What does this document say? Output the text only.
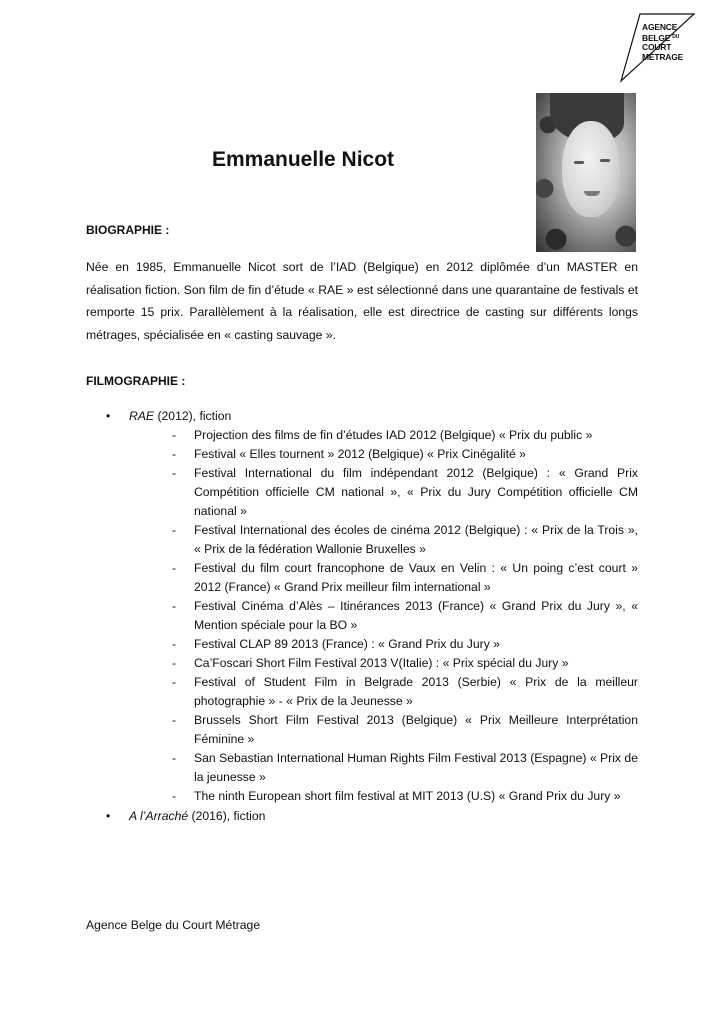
AGENCE
BELGE $^{DU}$
COURT
MÉTRAGE
Emmanuelle Nicot

BIOGRAPHIE :

Née en 1985, Emmanuelle Nicot sort de l’IAD (Belgique) en 2012 diplômée d’un MASTER en réalisation fiction. Son film de fin d’étude « RAE » est sélectionné dans une quarantaine de festivals et remporte 15 prix. Parallèlement à la réalisation, elle est directrice de casting sur différents longs métrages, spécialisée en « casting sauvage ».

FILMOGRAPHIE :

• RAE (2012), fiction
- Projection des films de fin d’études IAD 2012 (Belgique) « Prix du public »
- Festival « Elles tournent » 2012 (Belgique) « Prix Cinégalité »
- Festival International du film indépendant 2012 (Belgique) : « Grand Prix Compétition officielle CM national », « Prix du Jury Compétition officielle CM national »
- Festival International des écoles de cinéma 2012 (Belgique) : « Prix de la Trois », « Prix de la fédération Wallonie Bruxelles »
- Festival du film court francophone de Vaux en Velin : « Un poing c’est court » 2012 (France) « Grand Prix meilleur film international »
- Festival Cinéma d’Alès – Itinérances 2013 (France) « Grand Prix du Jury », « Mention spéciale pour la BO »
- Festival CLAP 89 2013 (France) : « Grand Prix du Jury »
- Ca’Foscari Short Film Festival 2013 V(Italie) : « Prix spécial du Jury »
- Festival of Student Film in Belgrade 2013 (Serbie) « Prix de la meilleur photographie » - « Prix de la Jeunesse »
- Brussels Short Film Festival 2013 (Belgique) « Prix Meilleure Interprétation Féminine »
- San Sebastian International Human Rights Film Festival 2013 (Espagne) « Prix de la jeunesse »
- The ninth European short film festival at MIT 2013 (U.S) « Grand Prix du Jury »
• A l’Arraché (2016), fiction

Agence Belge du Court Métrage
